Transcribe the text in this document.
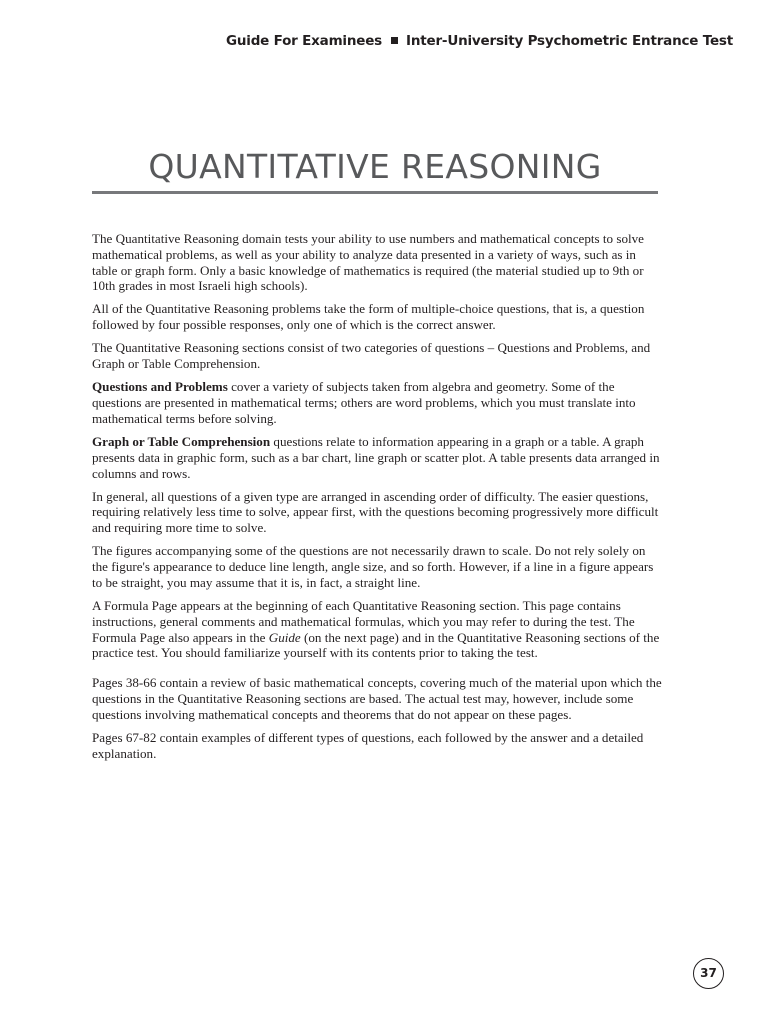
Guide For Examinees Inter-University Psychometric Entrance Test
QUANTITATIVE REASONING

The Quantitative Reasoning domain tests your ability to use numbers and mathematical concepts to solve mathematical problems, as well as your ability to analyze data presented in a variety of ways, such as in table or graph form. Only a basic knowledge of mathematics is required (the material studied up to 9th or 10th grades in most Israeli high schools).

All of the Quantitative Reasoning problems take the form of multiple-choice questions, that is, a question followed by four possible responses, only one of which is the correct answer.

The Quantitative Reasoning sections consist of two categories of questions – Questions and Problems, and Graph or Table Comprehension.

Questions and Problems cover a variety of subjects taken from algebra and geometry. Some of the questions are presented in mathematical terms; others are word problems, which you must translate into mathematical terms before solving.

Graph or Table Comprehension questions relate to information appearing in a graph or a table. A graph presents data in graphic form, such as a bar chart, line graph or scatter plot. A table presents data arranged in columns and rows.

In general, all questions of a given type are arranged in ascending order of difficulty. The easier questions, requiring relatively less time to solve, appear first, with the questions becoming progressively more difficult and requiring more time to solve.

The figures accompanying some of the questions are not necessarily drawn to scale. Do not rely solely on the figure's appearance to deduce line length, angle size, and so forth. However, if a line in a figure appears to be straight, you may assume that it is, in fact, a straight line.

A Formula Page appears at the beginning of each Quantitative Reasoning section. This page contains instructions, general comments and mathematical formulas, which you may refer to during the test. The Formula Page also appears in the Guide (on the next page) and in the Quantitative Reasoning sections of the practice test. You should familiarize yourself with its contents prior to taking the test.

Pages 38-66 contain a review of basic mathematical concepts, covering much of the material upon which the questions in the Quantitative Reasoning sections are based. The actual test may, however, include some questions involving mathematical concepts and theorems that do not appear on these pages.

Pages 67-82 contain examples of different types of questions, each followed by the answer and a detailed explanation.

37
